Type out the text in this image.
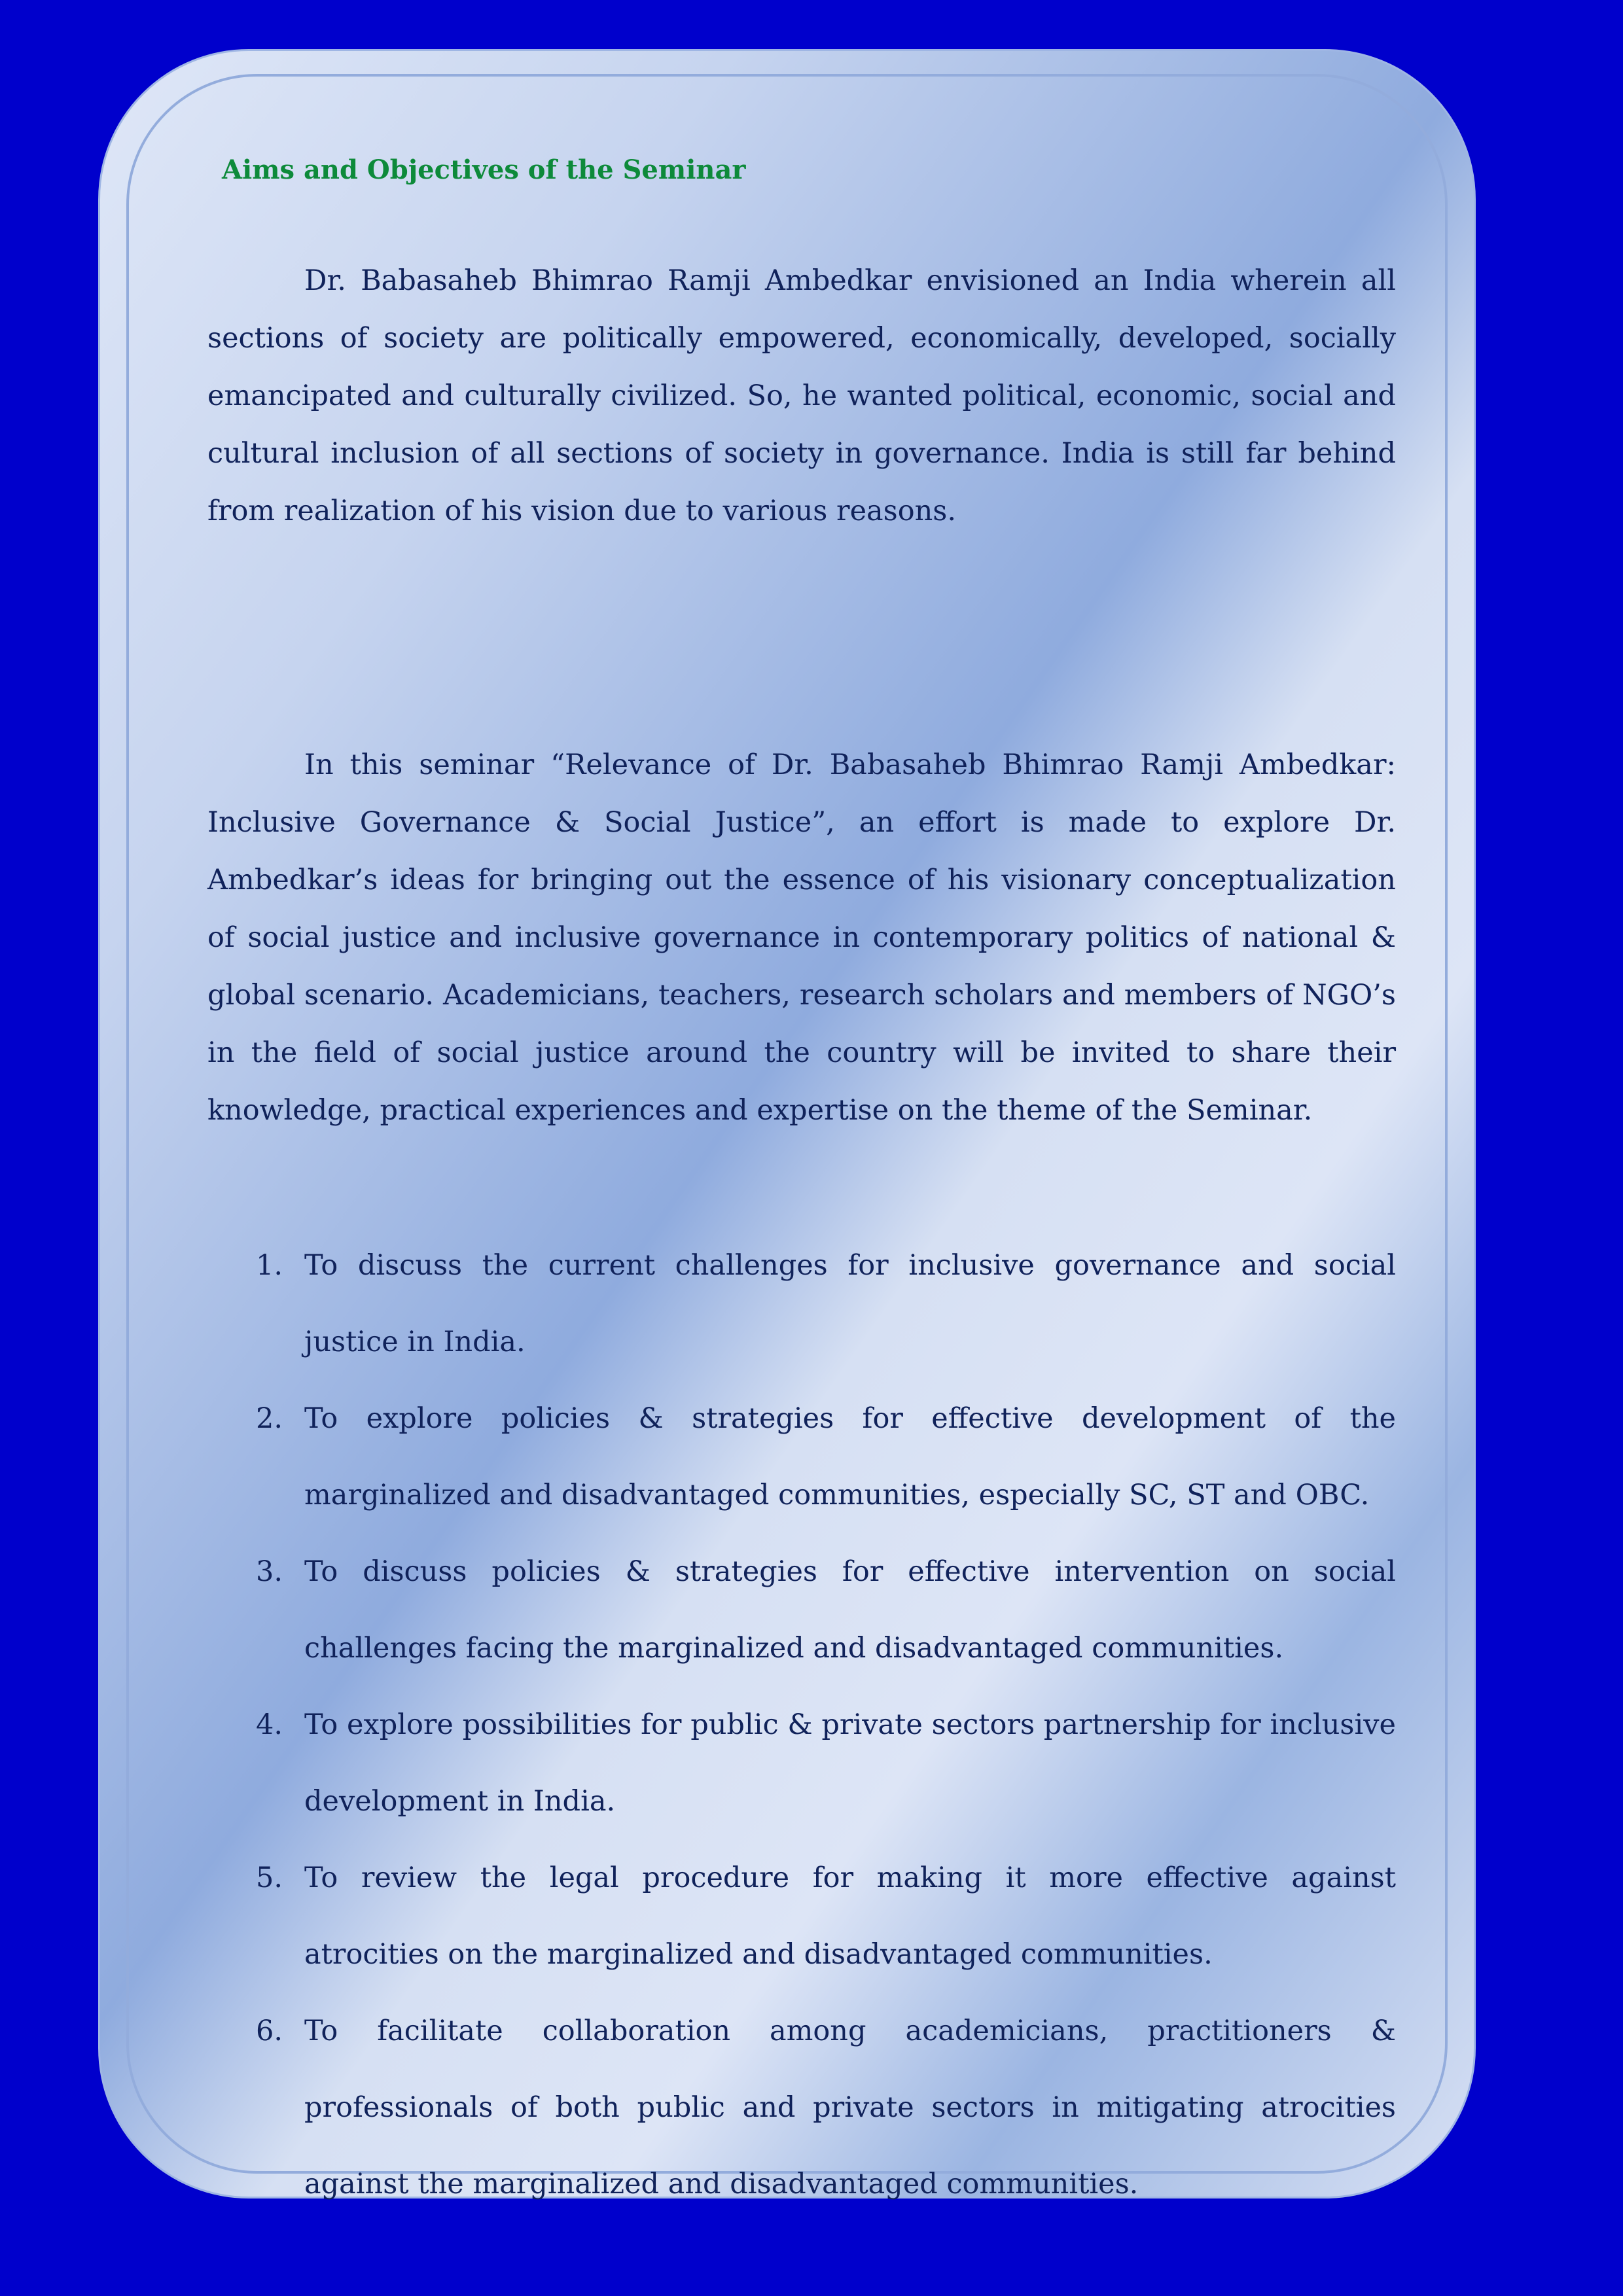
Aims and Objectives of the Seminar

Dr. Babasaheb Bhimrao Ramji Ambedkar envisioned an India wherein all sections of society are politically empowered, economically, developed, socially emancipated and culturally civilized. So, he wanted political, economic, social and cultural inclusion of all sections of society in governance. India is still far behind from realization of his vision due to various reasons.

In this seminar “Relevance of Dr. Babasaheb Bhimrao Ramji Ambedkar: Inclusive Governance & Social Justice”, an effort is made to explore Dr. Ambedkar’s ideas for bringing out the essence of his visionary conceptualization of social justice and inclusive governance in contemporary politics of national & global scenario. Academicians, teachers, research scholars and members of NGO’s in the field of social justice around the country will be invited to share their knowledge, practical experiences and expertise on the theme of the Seminar.

1. To discuss the current challenges for inclusive governance and social justice in India.
2. To explore policies & strategies for effective development of the marginalized and disadvantaged communities, especially SC, ST and OBC.
3. To discuss policies & strategies for effective intervention on social challenges facing the marginalized and disadvantaged communities.
4. To explore possibilities for public & private sectors partnership for inclusive development in India.
5. To review the legal procedure for making it more effective against atrocities on the marginalized and disadvantaged communities.
6. To facilitate collaboration among academicians, practitioners & professionals of both public and private sectors in mitigating atrocities against the marginalized and disadvantaged communities.
